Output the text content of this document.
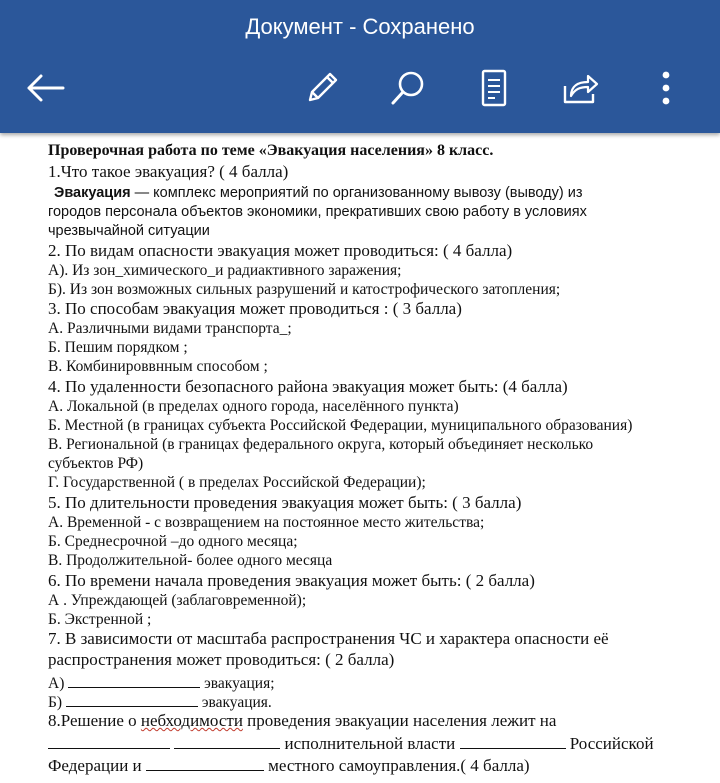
Документ - Сохранено
Проверочная работа по теме «Эвакуация населения» 8 класс.
1.Что такое эвакуация? ( 4 балла)
Эвакуация — комплекс мероприятий по организованному вывозу (выводу) из
городов персонала объектов экономики, прекративших свою работу в условиях
чрезвычайной ситуации
2. По видам опасности эвакуация может проводиться: ( 4 балла)
А). Из зон_химического_и радиактивного заражения;
Б). Из зон возможных сильных разрушений и катострофического затопления;
3. По способам эвакуация может проводиться : ( 3 балла)
А. Различными видами транспорта_;
Б. Пешим порядком ;
В. Комбинироввнным способом ;
4. По удаленности безопасного района эвакуация может быть: (4 балла)
А. Локальной (в пределах одного города, населённого пункта)
Б. Местной (в границах субъекта Российской Федерации, муниципального образования)
В. Региональной (в границах федерального округа, который объединяет несколько
субъектов РФ)
Г. Государственной ( в пределах Российской Федерации);
5. По длительности проведения эвакуация может быть: ( 3 балла)
А. Временной - с возвращением на постоянное место жительства;
Б. Среднесрочной –до одного месяца;
В. Продолжительной- более одного месяца
6. По времени начала проведения эвакуация может быть: ( 2 балла)
А . Упреждающей (заблаговременной);
Б. Экстренной ;
7. В зависимости от масштаба распространения ЧС и характера опасности её
распространения может проводиться: ( 2 балла)
А)	эвакуация;
Б)	эвакуация.
8.Решение о небходимости проведения эвакуации населения лежит на
исполнительной власти	Российской
Федерации и	местного самоуправления.( 4 балла)
